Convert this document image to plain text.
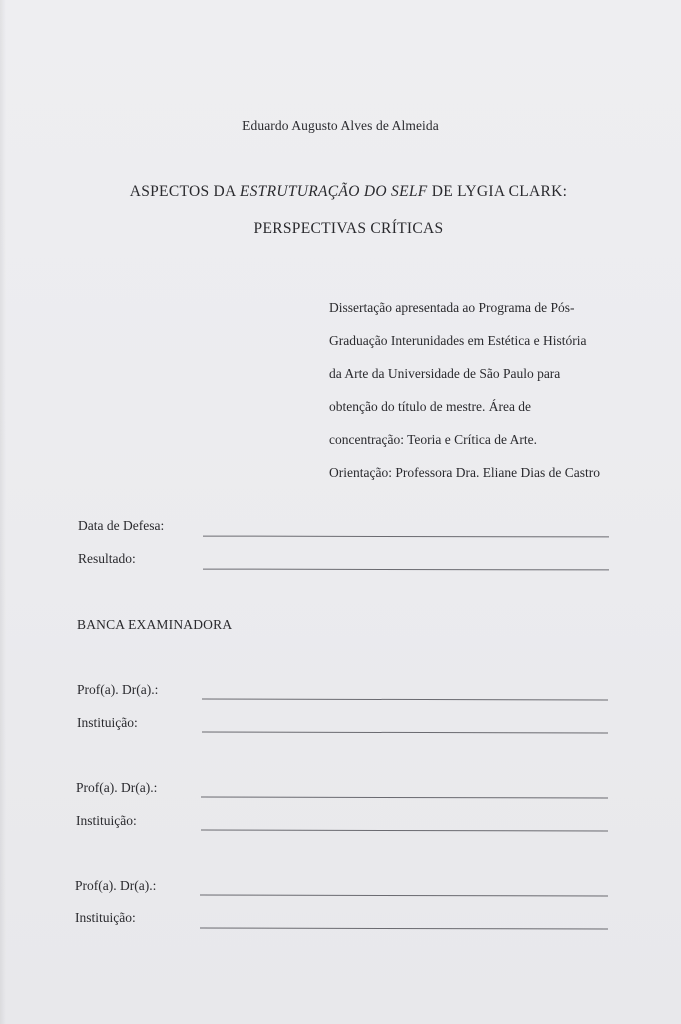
Eduardo Augusto Alves de Almeida
ASPECTOS DA ESTRUTURAÇÃO DO SELF DE LYGIA CLARK:
PERSPECTIVAS CRÍTICAS
Dissertação apresentada ao Programa de Pós-
Graduação Interunidades em Estética e História
da Arte da Universidade de São Paulo para
obtenção do título de mestre. Área de
concentração: Teoria e Crítica de Arte.
Orientação: Professora Dra. Eliane Dias de Castro
Data de Defesa:
Resultado:
BANCA EXAMINADORA
Prof(a). Dr(a).:
Instituição:
Prof(a). Dr(a).:
Instituição:
Prof(a). Dr(a).:
Instituição:
